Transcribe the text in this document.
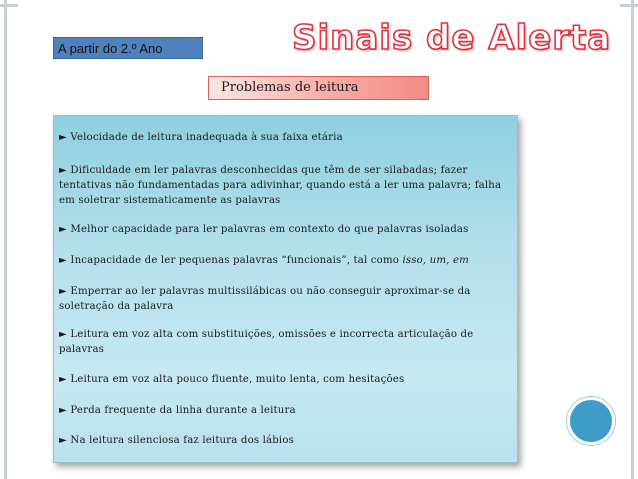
A partir do 2.º Ano	Sinais de Alerta
Problemas de leitura
► Velocidade de leitura inadequada à sua faixa etária
► Dificuldade em ler palavras desconhecidas que têm de ser silabadas; fazer tentativas não fundamentadas para adivinhar, quando está a ler uma palavra; falha em soletrar sistematicamente as palavras
► Melhor capacidade para ler palavras em contexto do que palavras isoladas
► Incapacidade de ler pequenas palavras “funcionais”, tal como isso, um, em
► Emperrar ao ler palavras multissilábicas ou não conseguir aproximar-se da soletração da palavra
► Leitura em voz alta com substituições, omissões e incorrecta articulação de palavras
► Leitura em voz alta pouco fluente, muito lenta, com hesitações
► Perda frequente da linha durante a leitura
► Na leitura silenciosa faz leitura dos lábios
